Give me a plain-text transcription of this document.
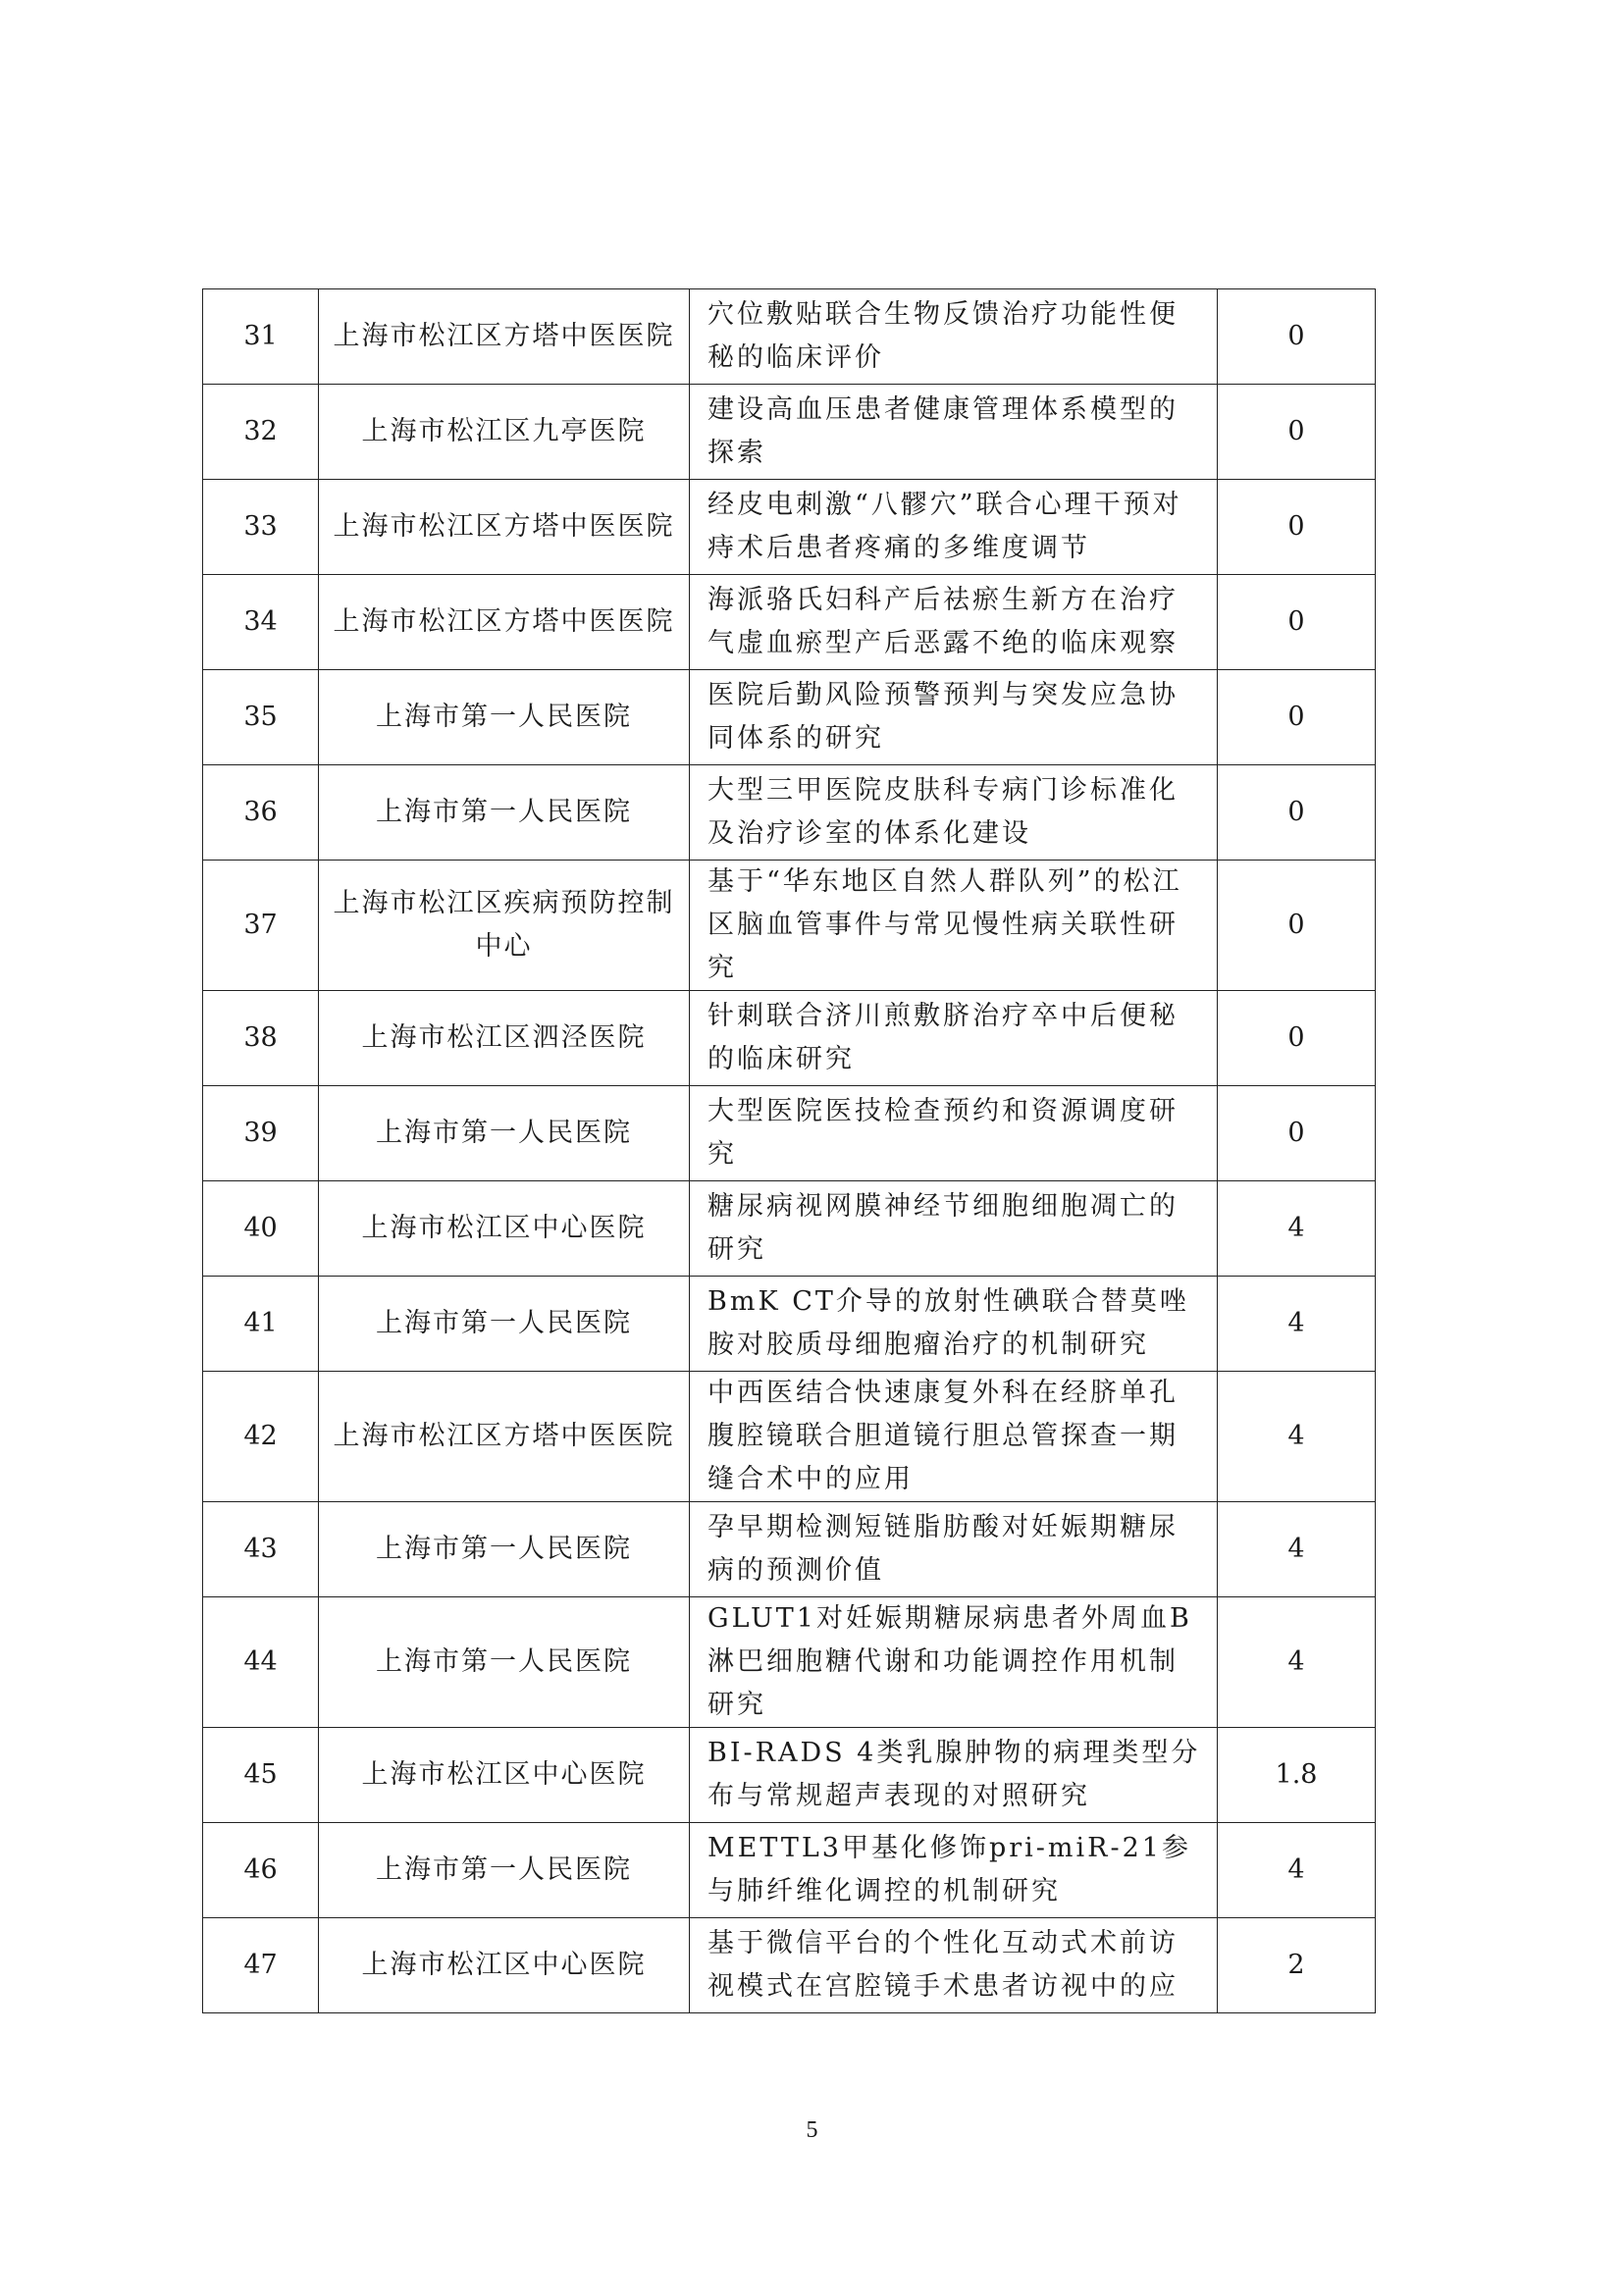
31	上海市松江区方塔中医医院	穴位敷贴联合生物反馈治疗功能性便秘的临床评价	0
32	上海市松江区九亭医院	建设高血压患者健康管理体系模型的探索	0
33	上海市松江区方塔中医医院	经皮电刺激“八髎穴”联合心理干预对痔术后患者疼痛的多维度调节	0
34	上海市松江区方塔中医医院	海派骆氏妇科产后祛瘀生新方在治疗气虚血瘀型产后恶露不绝的临床观察	0
35	上海市第一人民医院	医院后勤风险预警预判与突发应急协同体系的研究	0
36	上海市第一人民医院	大型三甲医院皮肤科专病门诊标准化及治疗诊室的体系化建设	0
37	上海市松江区疾病预防控制中心	基于“华东地区自然人群队列”的松江区脑血管事件与常见慢性病关联性研究	0
38	上海市松江区泗泾医院	针刺联合济川煎敷脐治疗卒中后便秘的临床研究	0
39	上海市第一人民医院	大型医院医技检查预约和资源调度研究	0
40	上海市松江区中心医院	糖尿病视网膜神经节细胞细胞凋亡的研究	4
41	上海市第一人民医院	BmK CT介导的放射性碘联合替莫唑胺对胶质母细胞瘤治疗的机制研究	4
42	上海市松江区方塔中医医院	中西医结合快速康复外科在经脐单孔腹腔镜联合胆道镜行胆总管探查一期缝合术中的应用	4
43	上海市第一人民医院	孕早期检测短链脂肪酸对妊娠期糖尿病的预测价值	4
44	上海市第一人民医院	GLUT1对妊娠期糖尿病患者外周血B淋巴细胞糖代谢和功能调控作用机制研究	4
45	上海市松江区中心医院	BI-RADS 4类乳腺肿物的病理类型分布与常规超声表现的对照研究	1.8
46	上海市第一人民医院	METTL3甲基化修饰pri-miR-21参与肺纤维化调控的机制研究	4
47	上海市松江区中心医院	基于微信平台的个性化互动式术前访视模式在宫腔镜手术患者访视中的应	2
5
